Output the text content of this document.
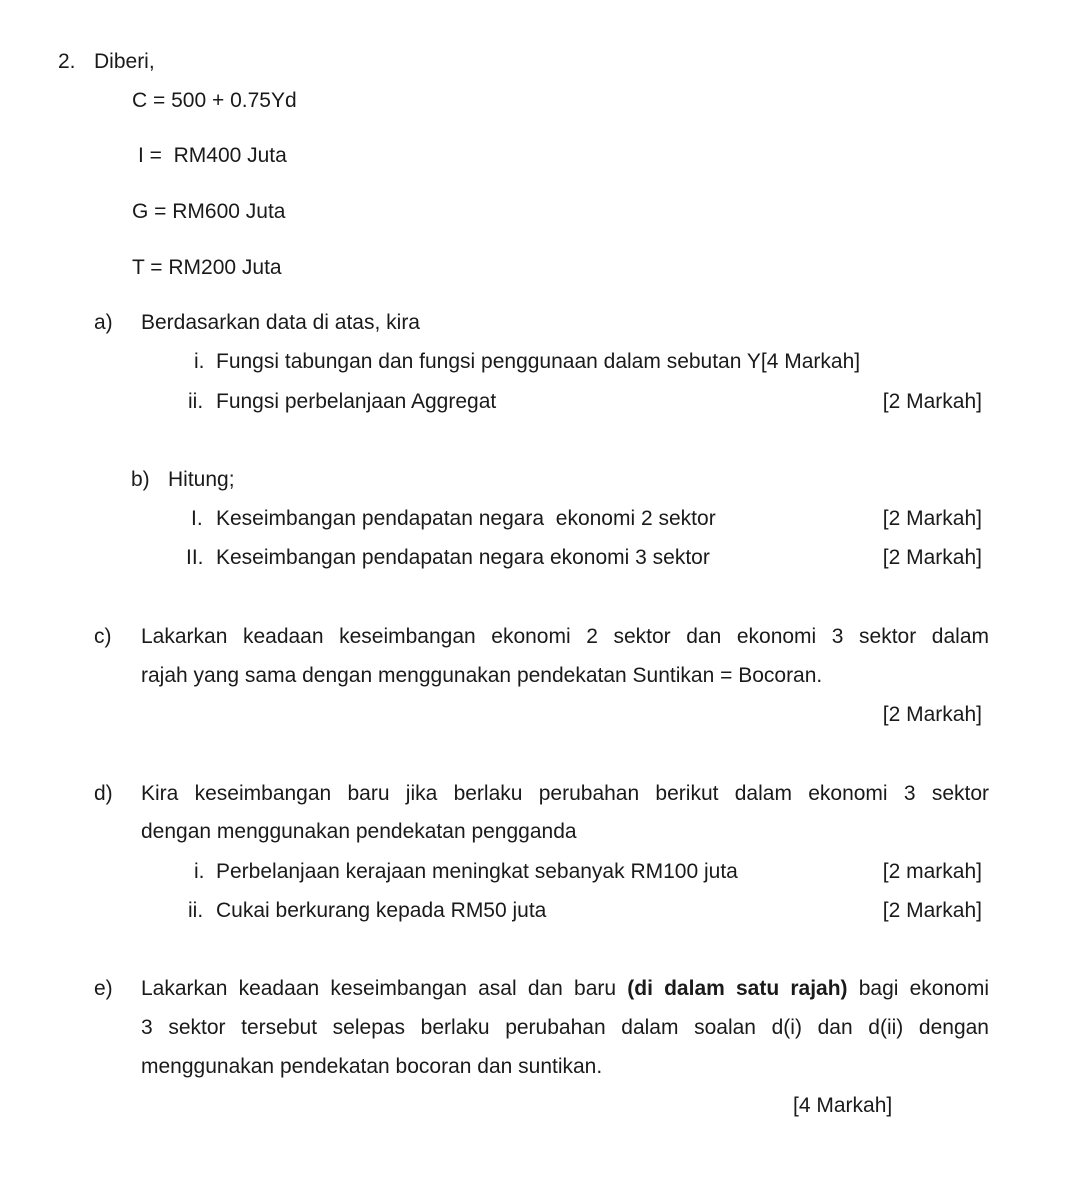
2. Diberi,
C = 500 + 0.75Yd
I =  RM400 Juta
G = RM600 Juta
T = RM200 Juta
a) Berdasarkan data di atas, kira
i. Fungsi tabungan dan fungsi penggunaan dalam sebutan Y[4 Markah]
ii. Fungsi perbelanjaan Aggregat	[2 Markah]
b) Hitung;
I. Keseimbangan pendapatan negara  ekonomi 2 sektor	[2 Markah]
II. Keseimbangan pendapatan negara ekonomi 3 sektor	[2 Markah]
c) Lakarkan keadaan keseimbangan ekonomi 2 sektor dan ekonomi 3 sektor dalam
rajah yang sama dengan menggunakan pendekatan Suntikan = Bocoran.
[2 Markah]
d) Kira keseimbangan baru jika berlaku perubahan berikut dalam ekonomi 3 sektor
dengan menggunakan pendekatan pengganda
i. Perbelanjaan kerajaan meningkat sebanyak RM100 juta	[2 markah]
ii. Cukai berkurang kepada RM50 juta	[2 Markah]
e) Lakarkan keadaan keseimbangan asal dan baru (di dalam satu rajah) bagi ekonomi
3 sektor tersebut selepas berlaku perubahan dalam soalan d(i) dan d(ii) dengan
menggunakan pendekatan bocoran dan suntikan.
[4 Markah]
